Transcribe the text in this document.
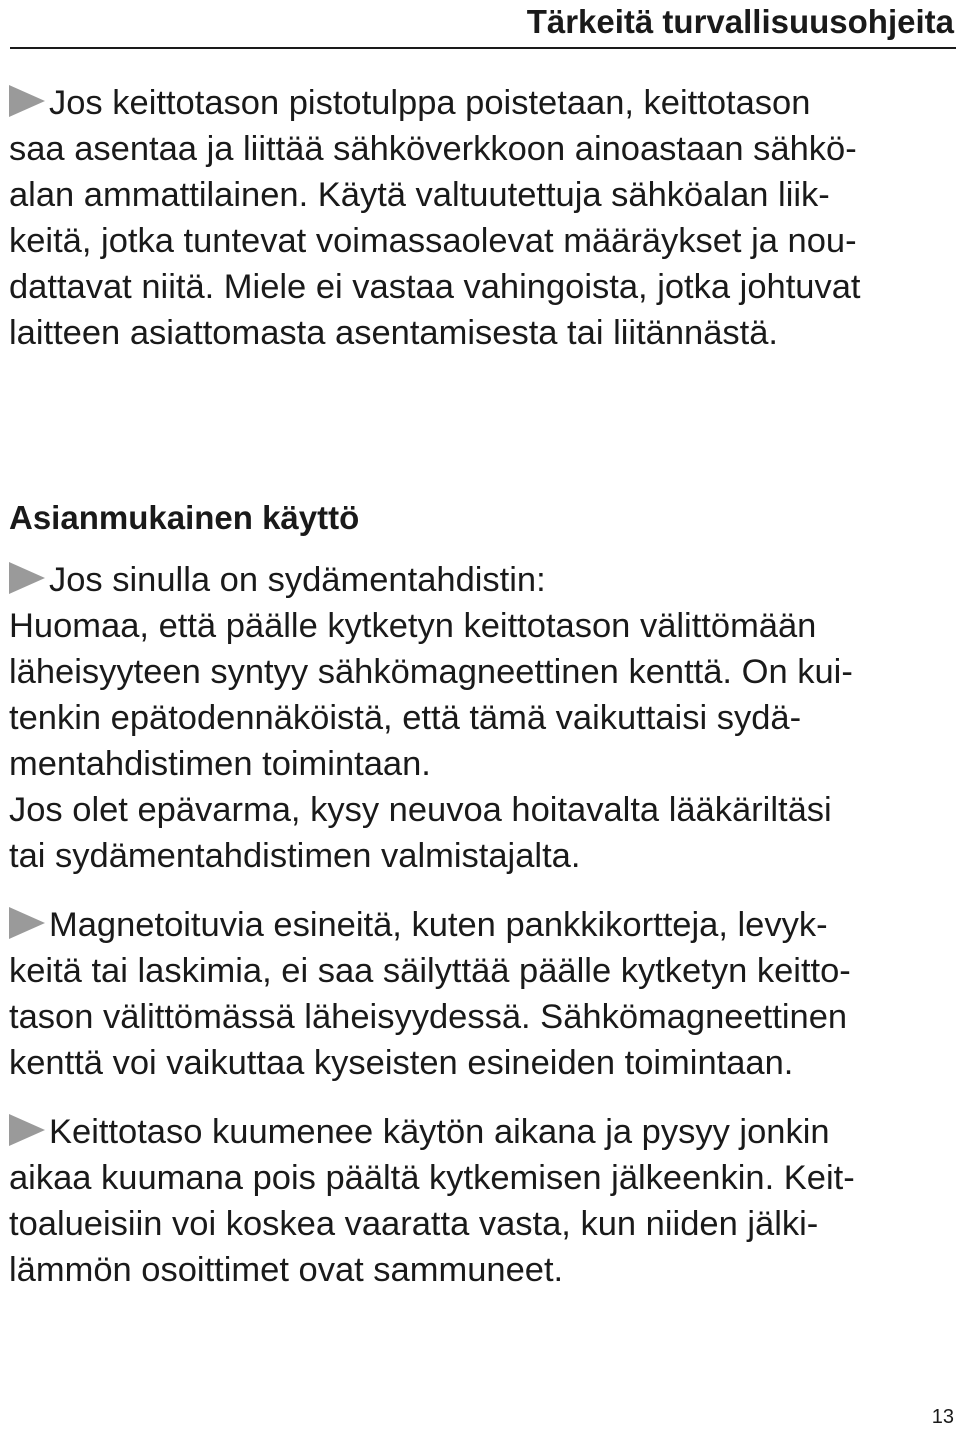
Tärkeitä turvallisuusohjeita

Jos keittotason pistotulppa poistetaan, keittotason
saa asentaa ja liittää sähköverkkoon ainoastaan sähkö-
alan ammattilainen. Käytä valtuutettuja sähköalan liik-
keitä, jotka tuntevat voimassaolevat määräykset ja nou-
dattavat niitä. Miele ei vastaa vahingoista, jotka johtuvat
laitteen asiattomasta asentamisesta tai liitännästä.

Asianmukainen käyttö

Jos sinulla on sydämentahdistin:
Huomaa, että päälle kytketyn keittotason välittömään
läheisyyteen syntyy sähkömagneettinen kenttä. On kui-
tenkin epätodennäköistä, että tämä vaikuttaisi sydä-
mentahdistimen toimintaan.
Jos olet epävarma, kysy neuvoa hoitavalta lääkäriltäsi
tai sydämentahdistimen valmistajalta.

Magnetoituvia esineitä, kuten pankkikortteja, levyk-
keitä tai laskimia, ei saa säilyttää päälle kytketyn keitto-
tason välittömässä läheisyydessä. Sähkömagneettinen
kenttä voi vaikuttaa kyseisten esineiden toimintaan.

Keittotaso kuumenee käytön aikana ja pysyy jonkin
aikaa kuumana pois päältä kytkemisen jälkeenkin. Keit-
toalueisiin voi koskea vaaratta vasta, kun niiden jälki-
lämmön osoittimet ovat sammuneet.

13
